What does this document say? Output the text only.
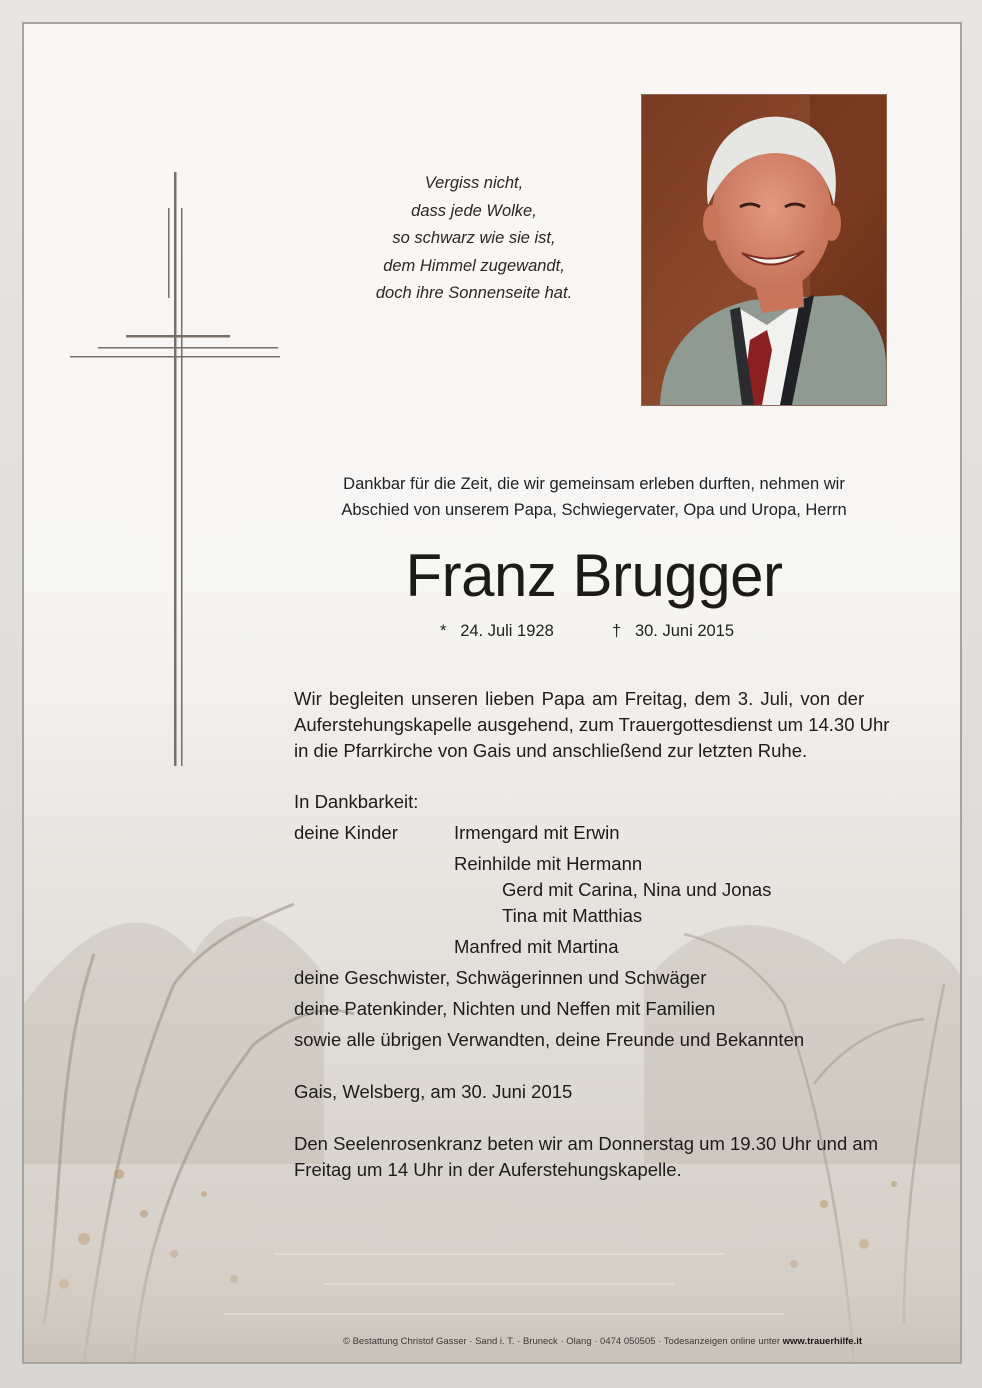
Vergiss nicht,
dass jede Wolke,
so schwarz wie sie ist,
dem Himmel zugewandt,
doch ihre Sonnenseite hat.
Dankbar für die Zeit, die wir gemeinsam erleben durften, nehmen wir
Abschied von unserem Papa, Schwiegervater, Opa und Uropa, Herrn
Franz Brugger
* 24. Juli 1928	† 30. Juni 2015
Wir begleiten unseren lieben Papa am Freitag, dem 3. Juli, von der
Auferstehungskapelle ausgehend, zum Trauergottesdienst um 14.30 Uhr
in die Pfarrkirche von Gais und anschließend zur letzten Ruhe.
In Dankbarkeit:
deine Kinder	Irmengard mit Erwin
Reinhilde mit Hermann
Gerd mit Carina, Nina und Jonas
Tina mit Matthias
Manfred mit Martina
deine Geschwister, Schwägerinnen und Schwäger
deine Patenkinder, Nichten und Neffen mit Familien
sowie alle übrigen Verwandten, deine Freunde und Bekannten
Gais, Welsberg, am 30. Juni 2015
Den Seelenrosenkranz beten wir am Donnerstag um 19.30 Uhr und am
Freitag um 14 Uhr in der Auferstehungskapelle.
© Bestattung Christof Gasser · Sand i. T. · Bruneck · Olang · 0474 050505 · Todesanzeigen online unter www.trauerhilfe.it
